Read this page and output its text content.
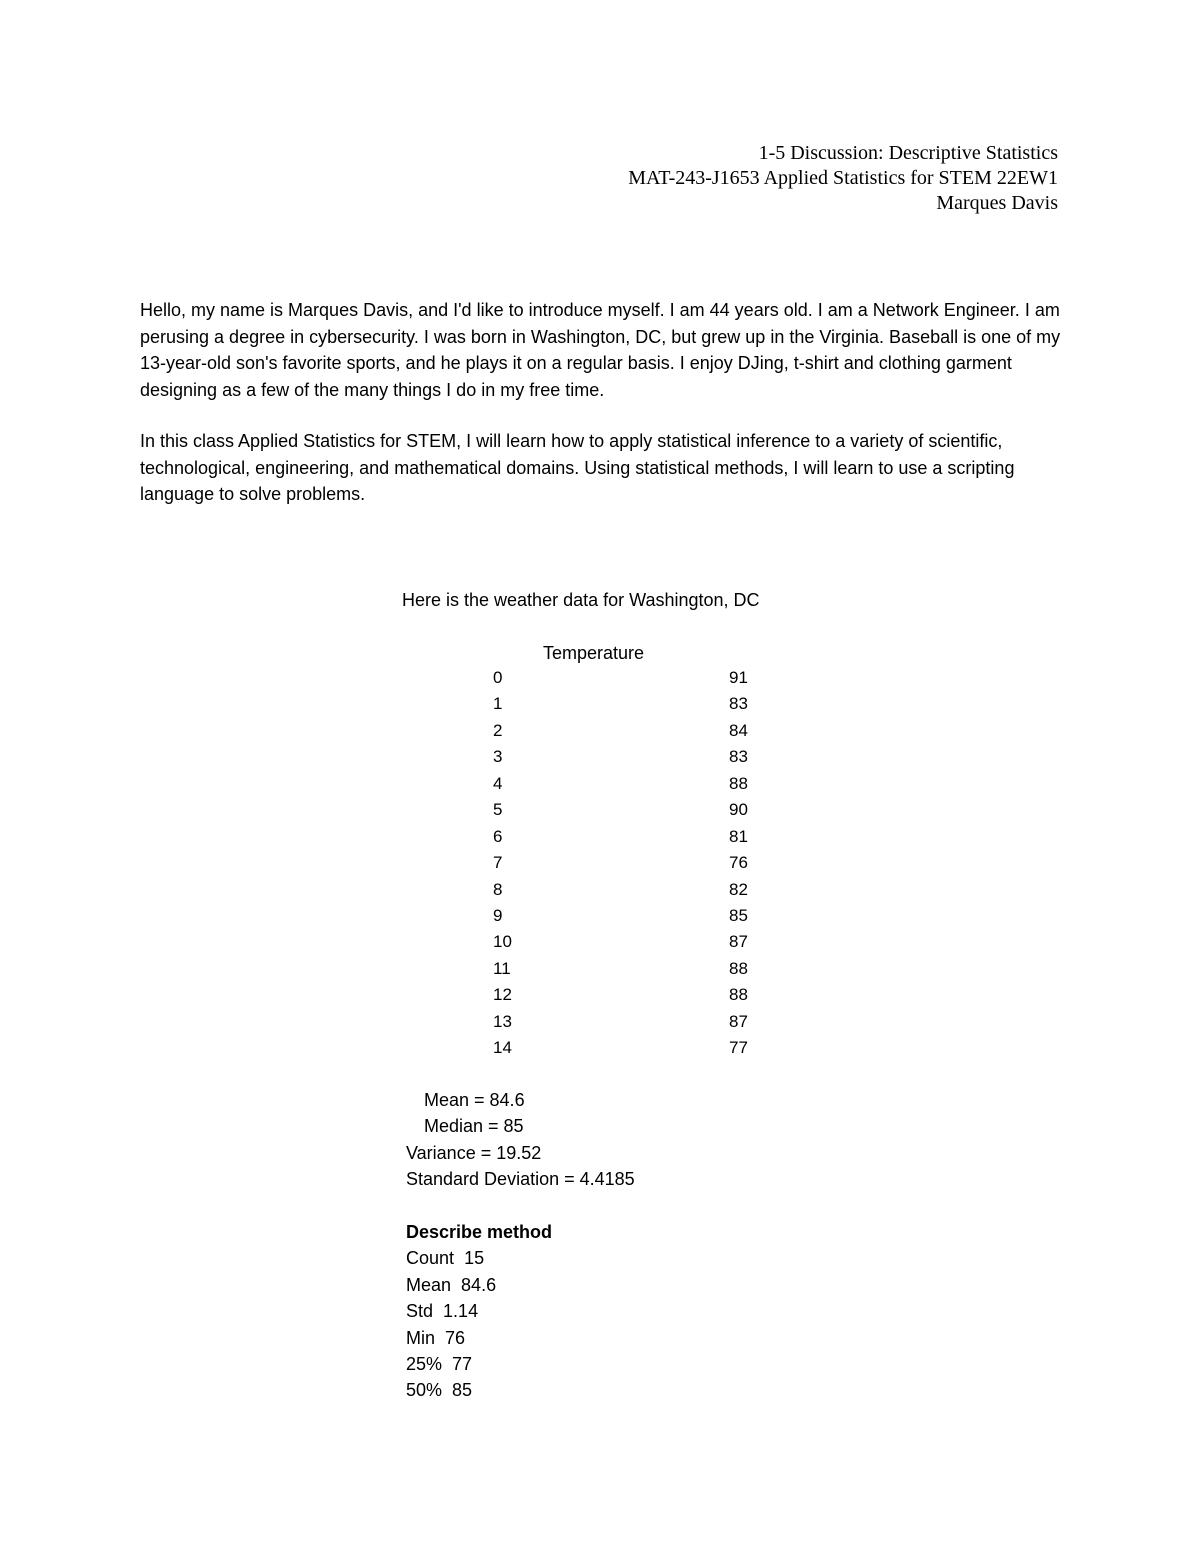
1-5 Discussion: Descriptive Statistics
MAT-243-J1653 Applied Statistics for STEM 22EW1
Marques Davis

Hello, my name is Marques Davis, and I'd like to introduce myself. I am 44 years old. I am a Network Engineer. I am perusing a degree in cybersecurity. I was born in Washington, DC, but grew up in the Virginia. Baseball is one of my 13-year-old son's favorite sports, and he plays it on a regular basis. I enjoy DJing, t-shirt and clothing garment designing as a few of the many things I do in my free time.

In this class Applied Statistics for STEM, I will learn how to apply statistical inference to a variety of scientific, technological, engineering, and mathematical domains. Using statistical methods, I will learn to use a scripting language to solve problems.

Here is the weather data for Washington, DC
Temperature
0	91
1	83
2	84
3	83
4	88
5	90
6	81
7	76
8	82
9	85
10	87
11	88
12	88
13	87
14	77
Mean = 84.6
Median = 85
Variance = 19.52
Standard Deviation = 4.4185
Describe method
Count 15
Mean 84.6
Std 1.14
Min 76
25% 77
50% 85
